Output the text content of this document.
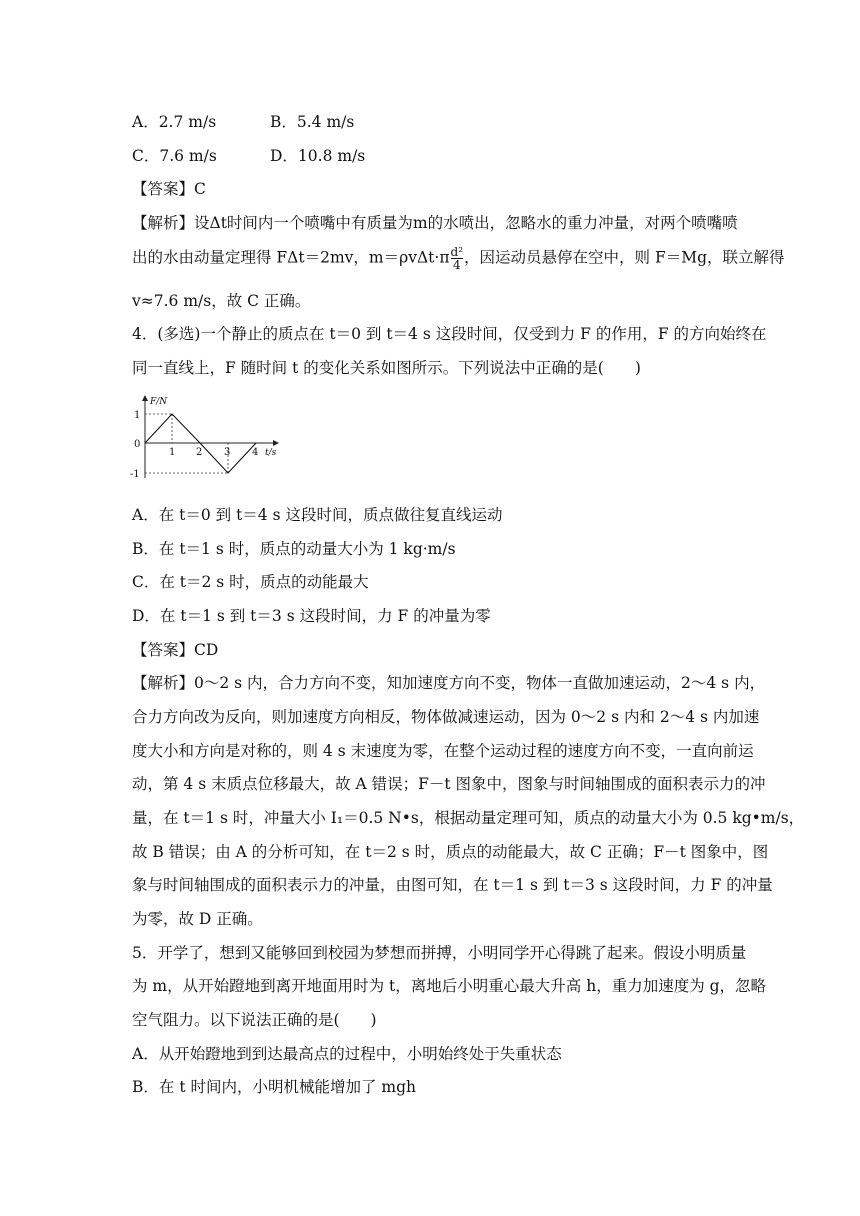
A．2.7 m/s	B．5.4 m/s
C．7.6 m/s	D．10.8 m/s
【答案】C
【解析】设Δt时间内一个喷嘴中有质量为m的水喷出，忽略水的重力冲量，对两个喷嘴喷
出的水由动量定理得 FΔt＝2mv，$m=\rho v\Delta t\cdot\pi \frac{\text{d²}}{4}$ ，因运动员悬停在空中，则 F＝Mg，联立解得
v≈7.6 m/s，故 C 正确。
4．(多选)一个静止的质点在 t＝0 到 t＝4 s 这段时间，仅受到力 F 的作用，F 的方向始终在
同一直线上，F 随时间 t 的变化关系如图所示。下列说法中正确的是(　　)
F/N
t/s
1
0
-1
1 2 3 4
A．在 t＝0 到 t＝4 s 这段时间，质点做往复直线运动
B．在 t＝1 s 时，质点的动量大小为 1 kg·m/s
C．在 t＝2 s 时，质点的动能最大
D．在 t＝1 s 到 t＝3 s 这段时间，力 F 的冲量为零
【答案】CD
【解析】0～2 s 内，合力方向不变，知加速度方向不变，物体一直做加速运动，2～4 s 内，
合力方向改为反向，则加速度方向相反，物体做减速运动，因为 0～2 s 内和 2～4 s 内加速
度大小和方向是对称的，则 4 s 末速度为零，在整个运动过程的速度方向不变，一直向前运
动，第 4 s 末质点位移最大，故 A 错误；F－t 图象中，图象与时间轴围成的面积表示力的冲
量，在 t＝1 s 时，冲量大小 I₁＝0.5 N•s，根据动量定理可知，质点的动量大小为 0.5 kg•m/s，
故 B 错误；由 A 的分析可知，在 t＝2 s 时，质点的动能最大，故 C 正确；F－t 图象中，图
象与时间轴围成的面积表示力的冲量，由图可知，在 t＝1 s 到 t＝3 s 这段时间，力 F 的冲量
为零，故 D 正确。
5．开学了，想到又能够回到校园为梦想而拼搏，小明同学开心得跳了起来。假设小明质量
为 m，从开始蹬地到离开地面用时为 t，离地后小明重心最大升高 h，重力加速度为 g，忽略
空气阻力。以下说法正确的是(　　)
A．从开始蹬地到到达最高点的过程中，小明始终处于失重状态
B．在 t 时间内，小明机械能增加了 mgh
